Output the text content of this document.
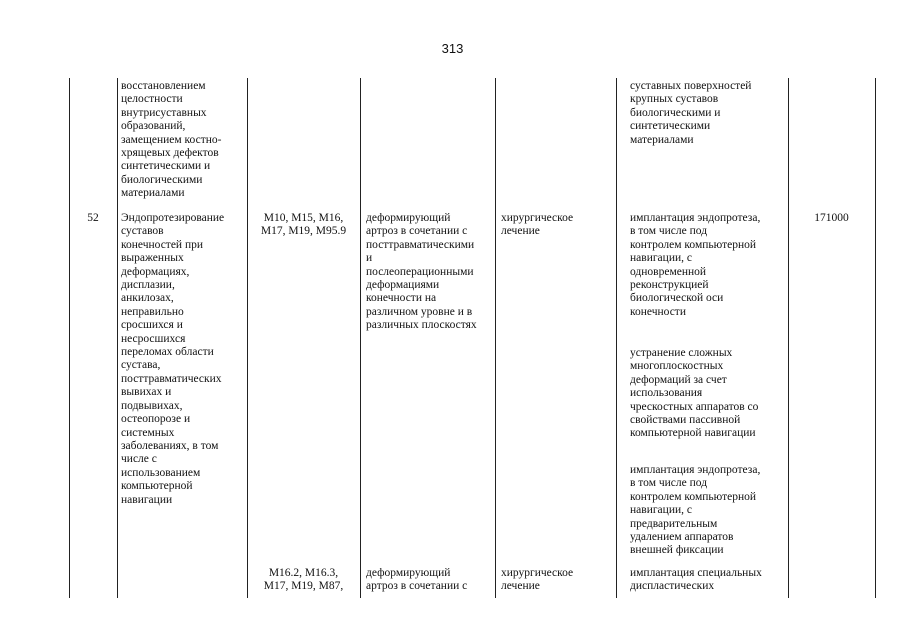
313
52
восстановлением
целостности
внутрисуставных
образований,
замещением костно-
хрящевых дефектов
синтетическими и
биологическими
материалами
Эндопротезирование
суставов
конечностей при
выраженных
деформациях,
дисплазии,
анкилозах,
неправильно
сросшихся и
несросшихся
переломах области
сустава,
посттравматических
вывихах и
подвывихах,
остеопорозе и
системных
заболеваниях, в том
числе с
использованием
компьютерной
навигации
M10, M15, M16,
M17, M19, M95.9
M16.2, M16.3,
M17, M19, M87,
деформирующий
артроз в сочетании с
посттравматическими
и
послеоперационными
деформациями
конечности на
различном уровне и в
различных плоскостях
деформирующий
артроз в сочетании с
хирургическое
лечение
хирургическое
лечение
суставных поверхностей
крупных суставов
биологическими и
синтетическими
материалами
имплантация эндопротеза,
в том числе под
контролем компьютерной
навигации, с
одновременной
реконструкцией
биологической оси
конечности
устранение сложных
многоплоскостных
деформаций за счет
использования
чрескостных аппаратов со
свойствами пассивной
компьютерной навигации
имплантация эндопротеза,
в том числе под
контролем компьютерной
навигации, с
предварительным
удалением аппаратов
внешней фиксации
имплантация специальных
диспластических
171000
